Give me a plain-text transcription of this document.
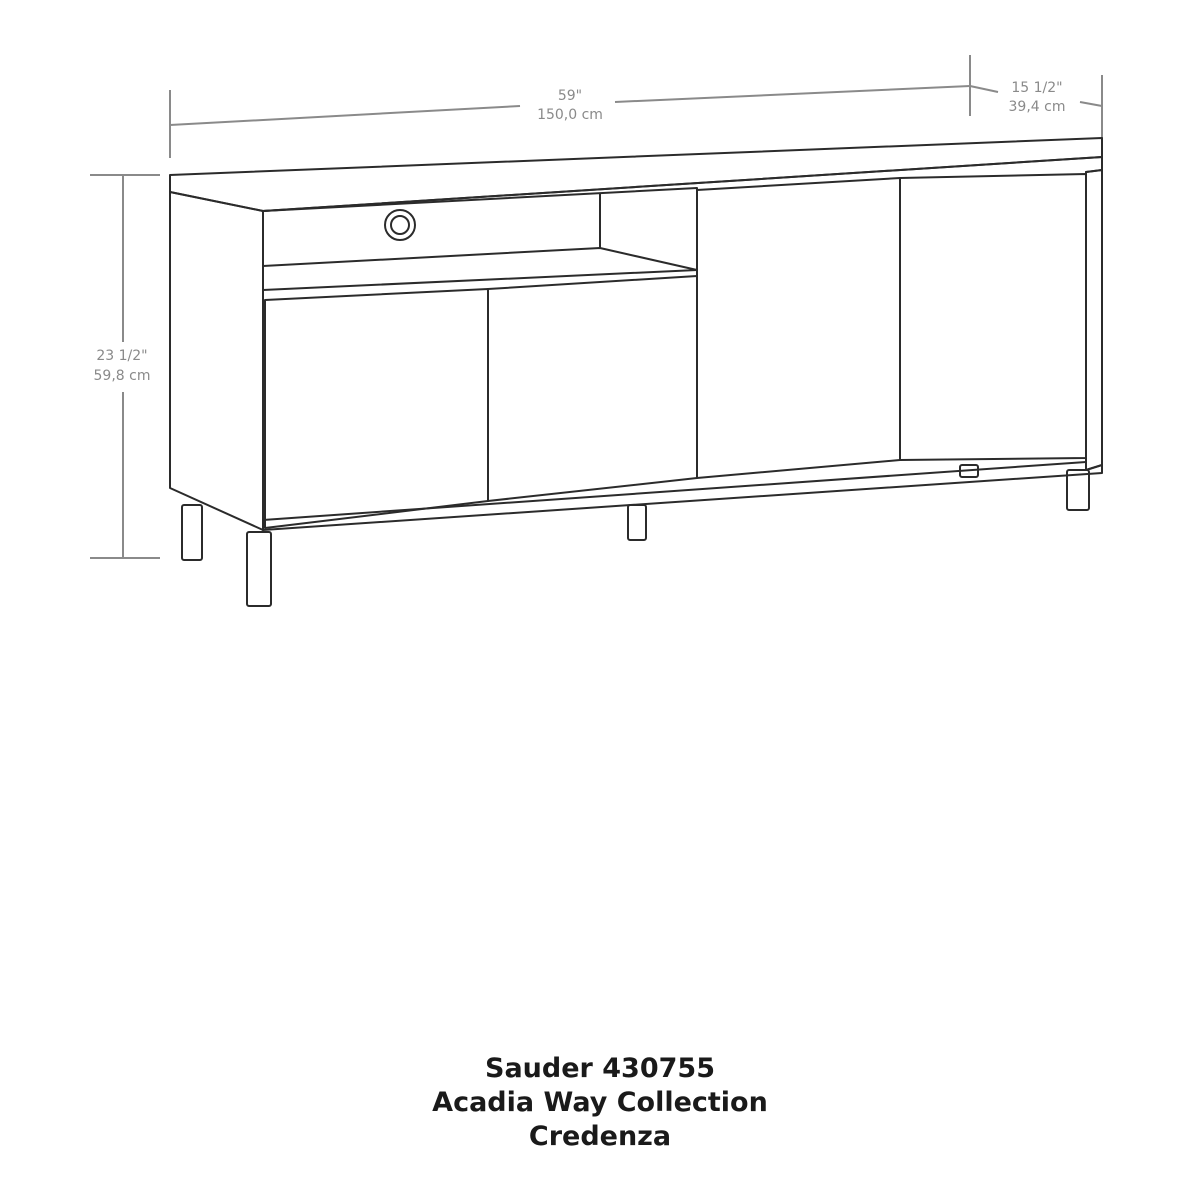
59"
150,0 cm
15 1/2"
39,4 cm
23 1/2"
59,8 cm
Sauder 430755
Acadia Way Collection
Credenza
